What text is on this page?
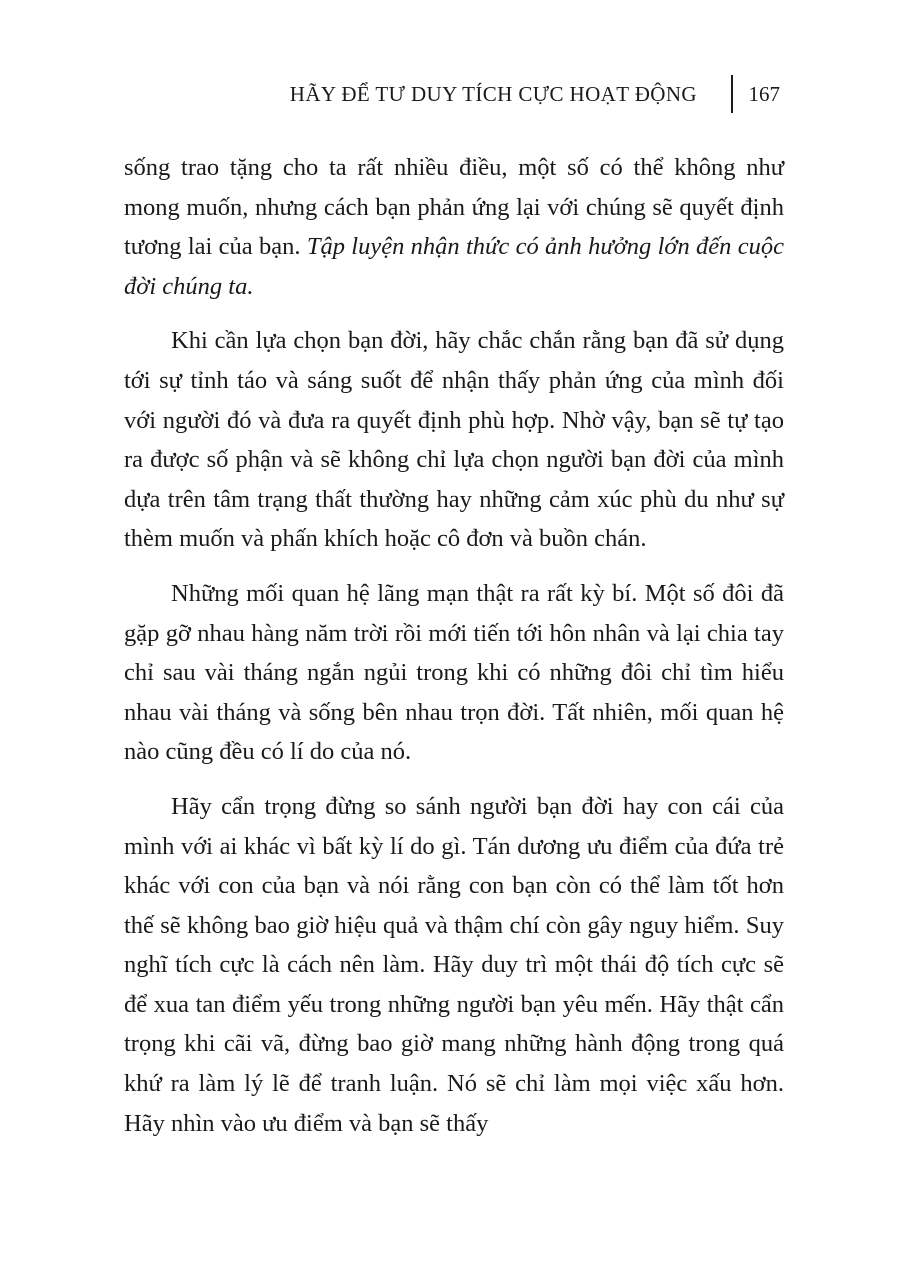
HÃY ĐỂ TƯ DUY TÍCH CỰC HOẠT ĐỘNG 167

sống trao tặng cho ta rất nhiều điều, một số có thể không như mong muốn, nhưng cách bạn phản ứng lại với chúng sẽ quyết định tương lai của bạn. Tập luyện nhận thức có ảnh hưởng lớn đến cuộc đời chúng ta.

Khi cần lựa chọn bạn đời, hãy chắc chắn rằng bạn đã sử dụng tới sự tỉnh táo và sáng suốt để nhận thấy phản ứng của mình đối với người đó và đưa ra quyết định phù hợp. Nhờ vậy, bạn sẽ tự tạo ra được số phận và sẽ không chỉ lựa chọn người bạn đời của mình dựa trên tâm trạng thất thường hay những cảm xúc phù du như sự thèm muốn và phấn khích hoặc cô đơn và buồn chán.

Những mối quan hệ lãng mạn thật ra rất kỳ bí. Một số đôi đã gặp gỡ nhau hàng năm trời rồi mới tiến tới hôn nhân và lại chia tay chỉ sau vài tháng ngắn ngủi trong khi có những đôi chỉ tìm hiểu nhau vài tháng và sống bên nhau trọn đời. Tất nhiên, mối quan hệ nào cũng đều có lí do của nó.

Hãy cẩn trọng đừng so sánh người bạn đời hay con cái của mình với ai khác vì bất kỳ lí do gì. Tán dương ưu điểm của đứa trẻ khác với con của bạn và nói rằng con bạn còn có thể làm tốt hơn thế sẽ không bao giờ hiệu quả và thậm chí còn gây nguy hiểm. Suy nghĩ tích cực là cách nên làm. Hãy duy trì một thái độ tích cực sẽ để xua tan điểm yếu trong những người bạn yêu mến. Hãy thật cẩn trọng khi cãi vã, đừng bao giờ mang những hành động trong quá khứ ra làm lý lẽ để tranh luận. Nó sẽ chỉ làm mọi việc xấu hơn. Hãy nhìn vào ưu điểm và bạn sẽ thấy
